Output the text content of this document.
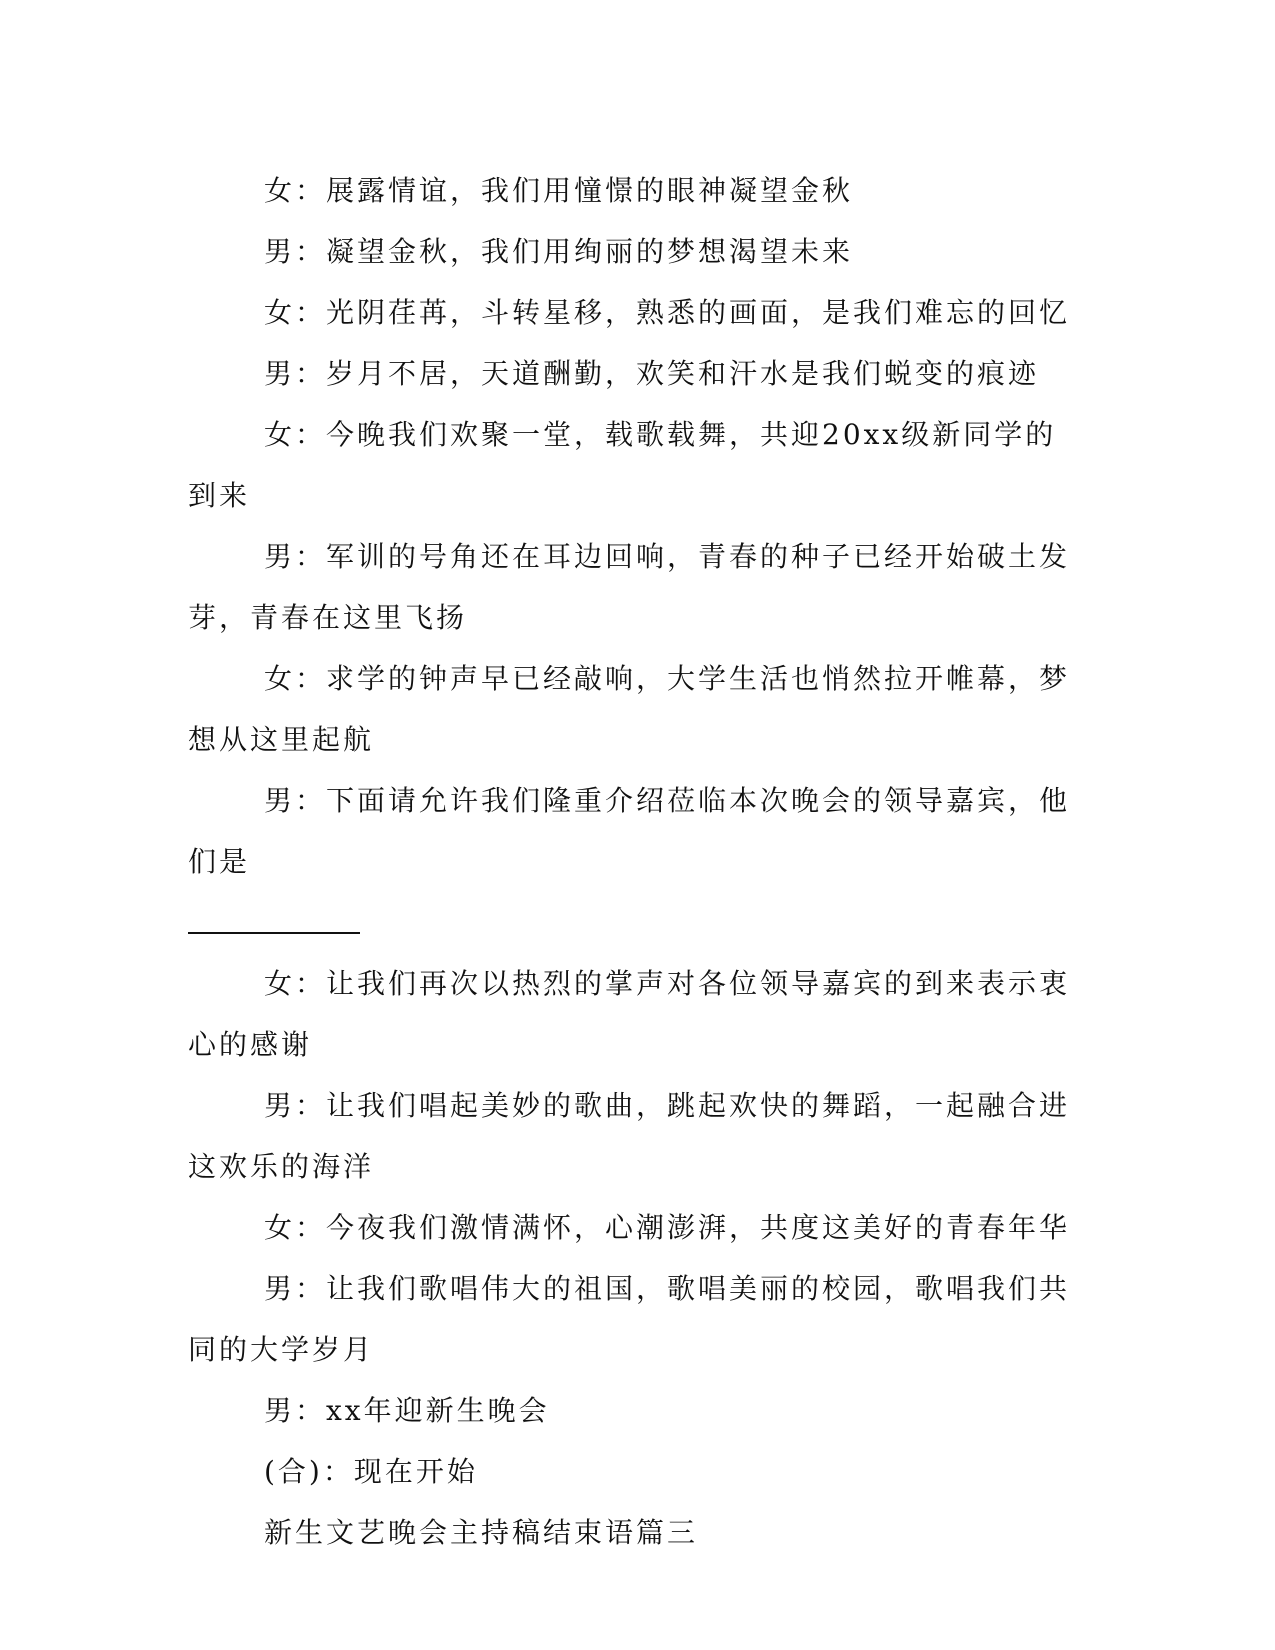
女：展露情谊，我们用憧憬的眼神凝望金秋

男：凝望金秋，我们用绚丽的梦想渴望未来

女：光阴荏苒，斗转星移，熟悉的画面，是我们难忘的回忆

男：岁月不居，天道酬勤，欢笑和汗水是我们蜕变的痕迹

女：今晚我们欢聚一堂，载歌载舞，共迎20xx级新同学的到来

男：军训的号角还在耳边回响，青春的种子已经开始破土发芽，青春在这里飞扬

女：求学的钟声早已经敲响，大学生活也悄然拉开帷幕，梦想从这里起航

男：下面请允许我们隆重介绍莅临本次晚会的领导嘉宾，他们是

女：让我们再次以热烈的掌声对各位领导嘉宾的到来表示衷心的感谢

男：让我们唱起美妙的歌曲，跳起欢快的舞蹈，一起融合进这欢乐的海洋

女：今夜我们激情满怀，心潮澎湃，共度这美好的青春年华

男：让我们歌唱伟大的祖国，歌唱美丽的校园，歌唱我们共同的大学岁月

男：xx年迎新生晚会

(合)：现在开始

新生文艺晚会主持稿结束语篇三
